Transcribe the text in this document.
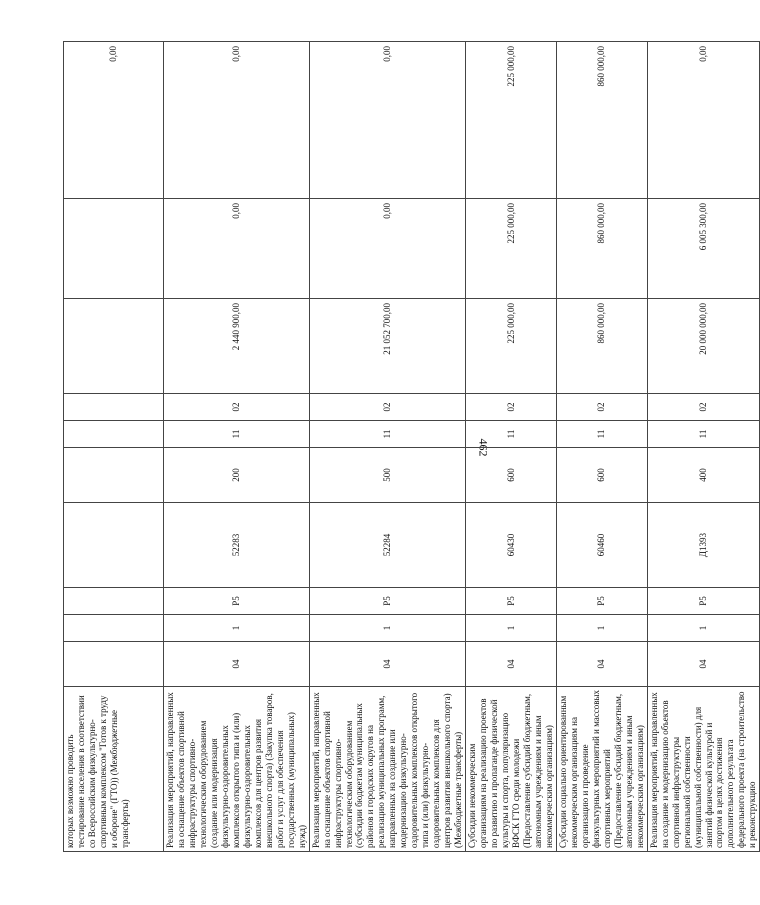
462
которых возможно проводить тестирование населения в соответствии со Всероссийским физкультурно-спортивным комплексом "Готов к труду и обороне" (ГТО)) (Межбюджетные трансферты)										0,00
Реализация мероприятий, направленных на оснащение объектов спортивной инфраструктуры спортивно-технологическим оборудованием (создание или модернизация физкультурно-оздоровительных комплексов открытого типа и (или) физкультурно-оздоровительных комплексов для центров развития внешкольного спорта) (Закупка товаров, работ и услуг для обеспечения государственных (муниципальных) нужд)	04	1	P5	52283	200	11	02	2 440 900,00	0,00	0,00
Реализация мероприятий, направленных на оснащение объектов спортивной инфраструктуры спортивно-технологическим оборудованием (субсидии бюджетам муниципальных районов и городских округов на реализацию муниципальных программ, направленных на создание или модернизацию физкультурно-оздоровительных комплексов открытого типа и (или) физкультурно-оздоровительных комплексов для центров развития внешкольного спорта) (Межбюджетные трансферты)	04	1	P5	52284	500	11	02	21 052 700,00	0,00	0,00
Субсидии некоммерческим организациям на реализацию проектов по развитию и пропаганде физической культуры и спорта, популяризацию ВФСК ГТО среди молодежи (Предоставление субсидий бюджетным, автономным учреждениям и иным некоммерческим организациям)	04	1	P5	60430	600	11	02	225 000,00	225 000,00	225 000,00
Субсидии социально ориентированным некоммерческим организациям на организацию и проведение физкультурных мероприятий и массовых спортивных мероприятий (Предоставление субсидий бюджетным, автономным учреждениям и иным некоммерческим организациям)	04	1	P5	60460	600	11	02	860 000,00	860 000,00	860 000,00
Реализация мероприятий, направленных на создание и модернизацию объектов спортивной инфраструктуры региональной собственности (муниципальной собственности) для занятий физической культурой и спортом в целях достижения дополнительного результата федерального проекта (на строительство и реконструкцию	04	1	P5	Д1393	400	11	02	20 000 000,00	6 005 300,00	0,00
